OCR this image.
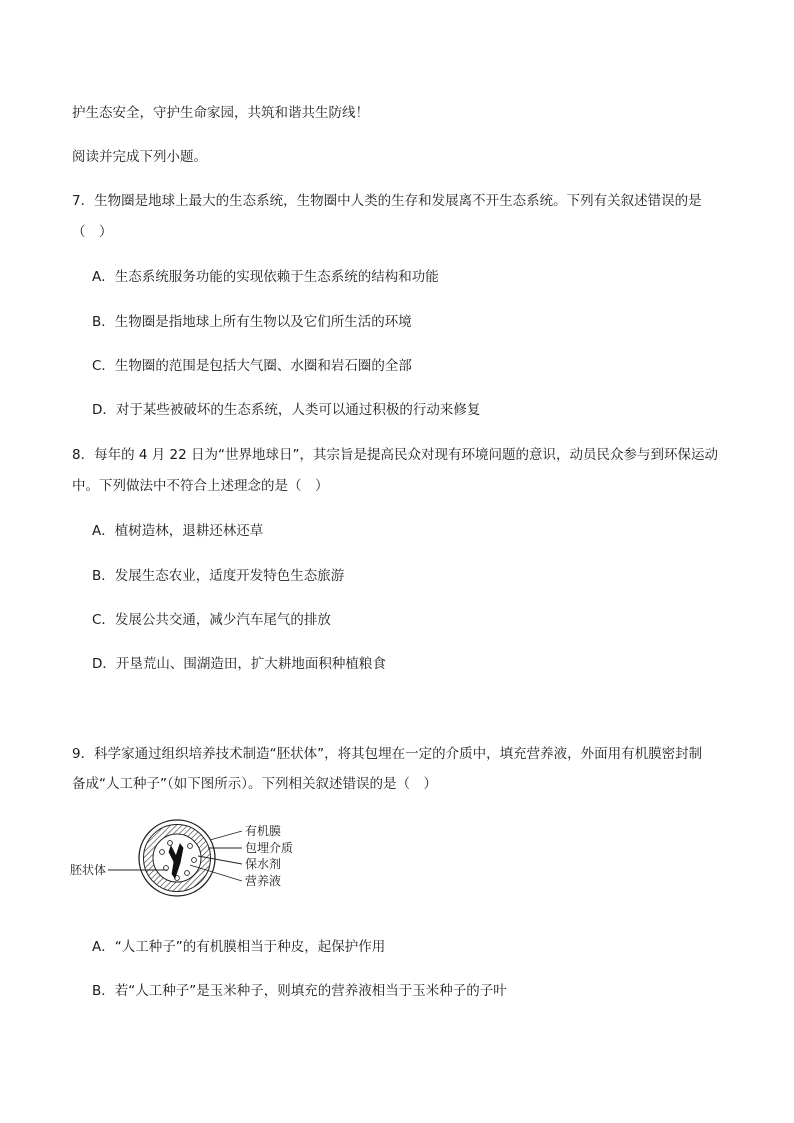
护生态安全，守护生命家园，共筑和谐共生防线！
阅读并完成下列小题。
7．生物圈是地球上最大的生态系统，生物圈中人类的生存和发展离不开生态系统。下列有关叙述错误的是
（　）
A．生态系统服务功能的实现依赖于生态系统的结构和功能
B．生物圈是指地球上所有生物以及它们所生活的环境
C．生物圈的范围是包括大气圈、水圈和岩石圈的全部
D．对于某些被破坏的生态系统，人类可以通过积极的行动来修复
8．每年的 4 月 22 日为“世界地球日”，其宗旨是提高民众对现有环境问题的意识，动员民众参与到环保运动
中。下列做法中不符合上述理念的是（　）
A．植树造林，退耕还林还草
B．发展生态农业，适度开发特色生态旅游
C．发展公共交通，减少汽车尾气的排放
D．开垦荒山、围湖造田，扩大耕地面积种植粮食
9．科学家通过组织培养技术制造“胚状体”，将其包埋在一定的介质中，填充营养液，外面用有机膜密封制
备成“人工种子”（如下图所示）。下列相关叙述错误的是（　）
有机膜
包埋介质
保水剂
营养液
胚状体
A．“人工种子”的有机膜相当于种皮，起保护作用
B．若“人工种子”是玉米种子，则填充的营养液相当于玉米种子的子叶
